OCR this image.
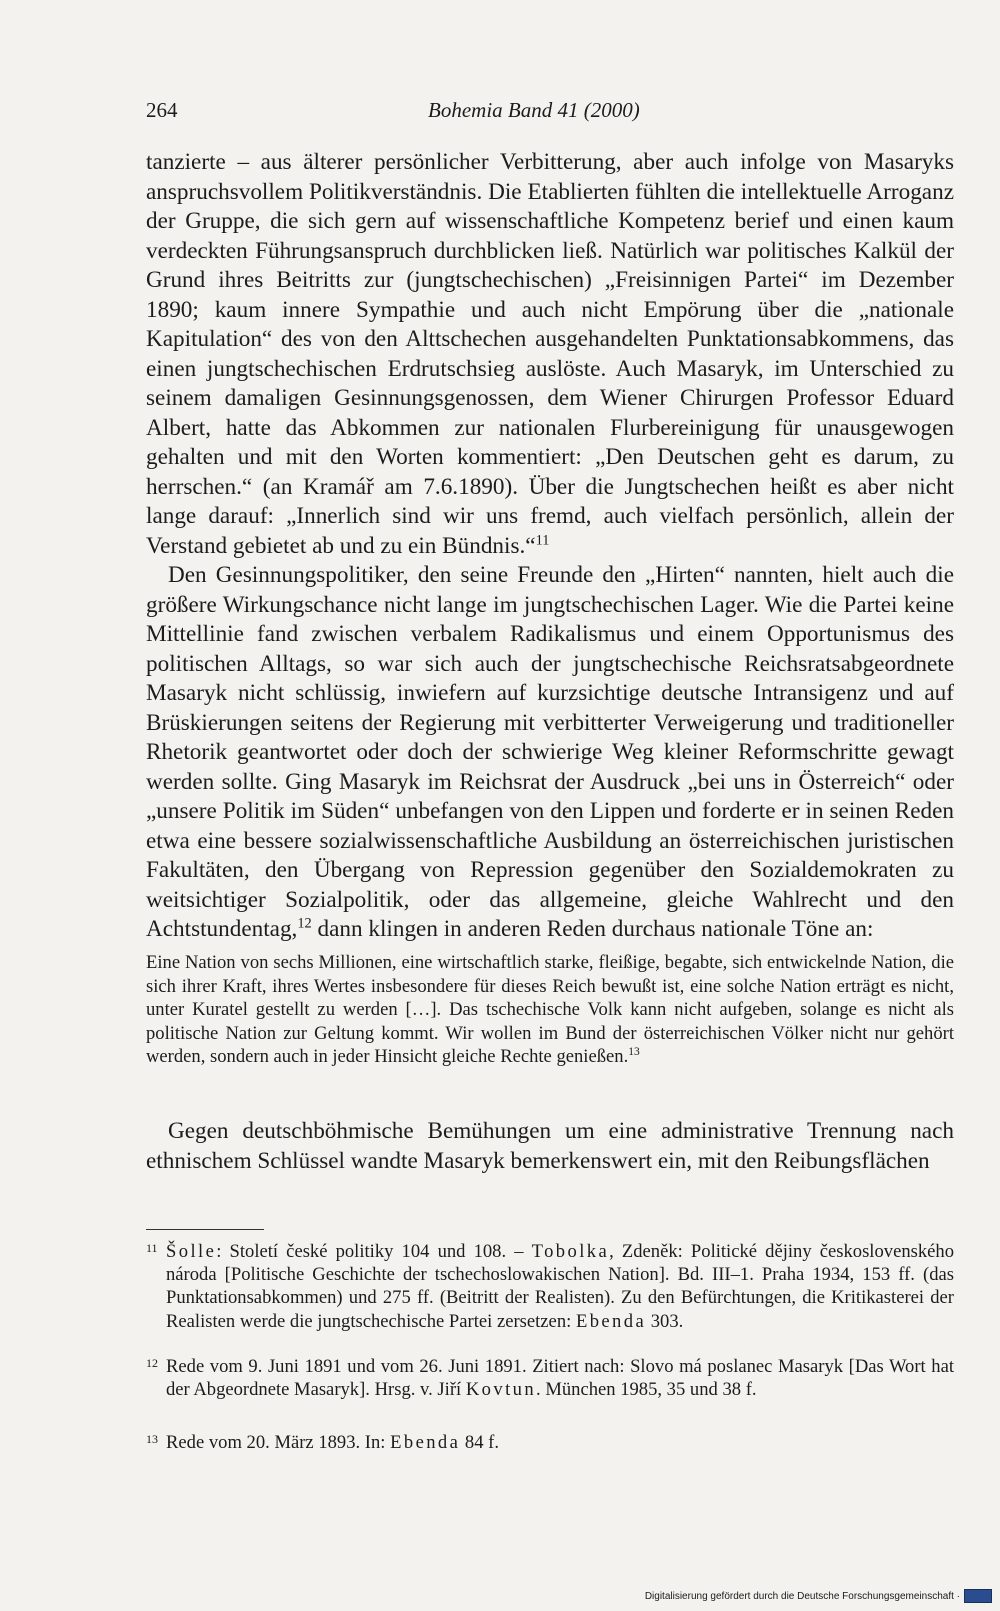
264	Bohemia Band 41 (2000)

tanzierte – aus älterer persönlicher Verbitterung, aber auch infolge von Masaryks anspruchsvollem Politikverständnis. Die Etablierten fühlten die intellektuelle Arroganz der Gruppe, die sich gern auf wissenschaftliche Kompetenz berief und einen kaum verdeckten Führungsanspruch durchblicken ließ. Natürlich war politisches Kalkül der Grund ihres Beitritts zur (jungtschechischen) „Freisinnigen Partei“ im Dezember 1890; kaum innere Sympathie und auch nicht Empörung über die „nationale Kapitulation“ des von den Alttschechen ausgehandelten Punktationsabkommens, das einen jungtschechischen Erdrutschsieg auslöste. Auch Masaryk, im Unterschied zu seinem damaligen Gesinnungsgenossen, dem Wiener Chirurgen Professor Eduard Albert, hatte das Abkommen zur nationalen Flurbereinigung für unausgewogen gehalten und mit den Worten kommentiert: „Den Deutschen geht es darum, zu herrschen.“ (an Kramář am 7.6.1890). Über die Jungtschechen heißt es aber nicht lange darauf: „Innerlich sind wir uns fremd, auch vielfach persönlich, allein der Verstand gebietet ab und zu ein Bündnis.“$^{11}$

Den Gesinnungspolitiker, den seine Freunde den „Hirten“ nannten, hielt auch die größere Wirkungschance nicht lange im jungtschechischen Lager. Wie die Partei keine Mittellinie fand zwischen verbalem Radikalismus und einem Opportunismus des politischen Alltags, so war sich auch der jungtschechische Reichsratsabgeordnete Masaryk nicht schlüssig, inwiefern auf kurzsichtige deutsche Intransigenz und auf Brüskierungen seitens der Regierung mit verbitterter Verweigerung und traditioneller Rhetorik geantwortet oder doch der schwierige Weg kleiner Reformschritte gewagt werden sollte. Ging Masaryk im Reichsrat der Ausdruck „bei uns in Österreich“ oder „unsere Politik im Süden“ unbefangen von den Lippen und forderte er in seinen Reden etwa eine bessere sozialwissenschaftliche Ausbildung an österreichischen juristischen Fakultäten, den Übergang von Repression gegenüber den Sozialdemokraten zu weitsichtiger Sozialpolitik, oder das allgemeine, gleiche Wahlrecht und den Achtstundentag,$^{12}$ dann klingen in anderen Reden durchaus nationale Töne an:

Eine Nation von sechs Millionen, eine wirtschaftlich starke, fleißige, begabte, sich entwickelnde Nation, die sich ihrer Kraft, ihres Wertes insbesondere für dieses Reich bewußt ist, eine solche Nation erträgt es nicht, unter Kuratel gestellt zu werden […]. Das tschechische Volk kann nicht aufgeben, solange es nicht als politische Nation zur Geltung kommt. Wir wollen im Bund der österreichischen Völker nicht nur gehört werden, sondern auch in jeder Hinsicht gleiche Rechte genießen.$^{13}$

Gegen deutschböhmische Bemühungen um eine administrative Trennung nach ethnischem Schlüssel wandte Masaryk bemerkenswert ein, mit den Reibungsflächen

11 Šolle: Století české politiky 104 und 108. – Tobolka, Zdeněk: Politické dějiny československého národa [Politische Geschichte der tschechoslowakischen Nation]. Bd. III–1. Praha 1934, 153 ff. (das Punktationsabkommen) und 275 ff. (Beitritt der Realisten). Zu den Befürchtungen, die Kritikasterei der Realisten werde die jungtschechische Partei zersetzen: Ebenda 303.
12 Rede vom 9. Juni 1891 und vom 26. Juni 1891. Zitiert nach: Slovo má poslanec Masaryk [Das Wort hat der Abgeordnete Masaryk]. Hrsg. v. Jiří Kovtun. München 1985, 35 und 38 f.
13 Rede vom 20. März 1893. In: Ebenda 84 f.
Digitalisierung gefördert durch die Deutsche Forschungsgemeinschaft ·
